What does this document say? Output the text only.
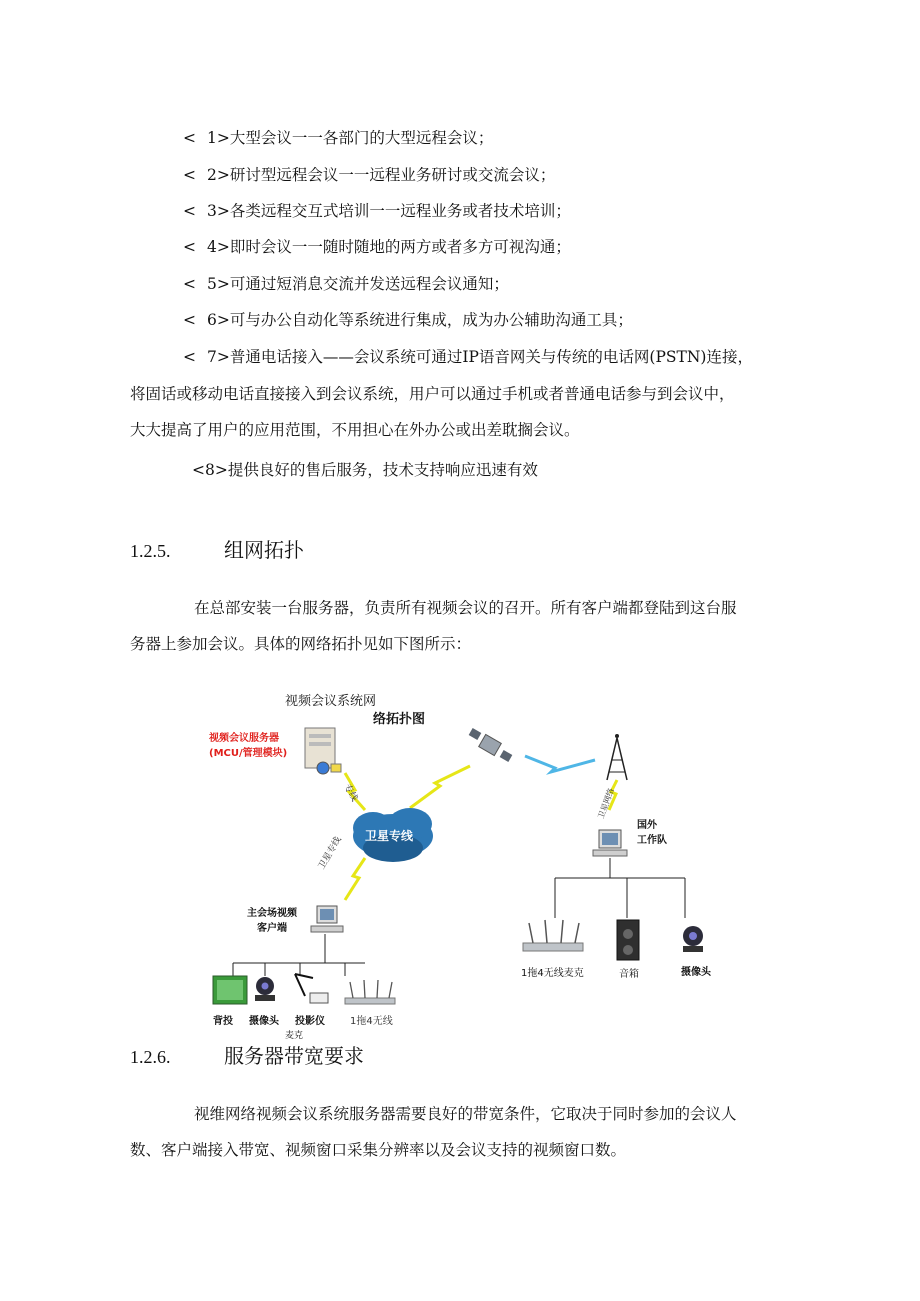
< 1>大型会议一一各部门的大型远程会议；
< 2>研讨型远程会议一一远程业务研讨或交流会议；
< 3>各类远程交互式培训一一远程业务或者技术培训；
< 4>即时会议一一随时随地的两方或者多方可视沟通；
< 5>可通过短消息交流并发送远程会议通知；
< 6>可与办公自动化等系统进行集成，成为办公辅助沟通工具；
< 7>普通电话接入——会议系统可通过IP语音网关与传统的电话网(PSTN)连接，
将固话或移动电话直接接入到会议系统，用户可以通过手机或者普通电话参与到会议中，
大大提高了用户的应用范围，不用担心在外办公或出差耽搁会议。
<8>提供良好的售后服务，技术支持响应迅速有效
1.2.5.	组网拓扑
在总部安装一台服务器，负责所有视频会议的召开。所有客户端都登陆到这台服
务器上参加会议。具体的网络拓扑见如下图所示：
视频会议系统网
络拓扑图
视频会议服务器
(MCU/管理模块)
专线
卫星专线
卫星网络
卫星专线
国外
工作队
1拖4无线麦克	音箱	摄像头
主会场视频
客户端
背投 摄像头 投影仪	1拖4无线
麦克
1.2.6.	服务器带宽要求
视维网络视频会议系统服务器需要良好的带宽条件，它取决于同时参加的会议人
数、客户端接入带宽、视频窗口采集分辨率以及会议支持的视频窗口数。
